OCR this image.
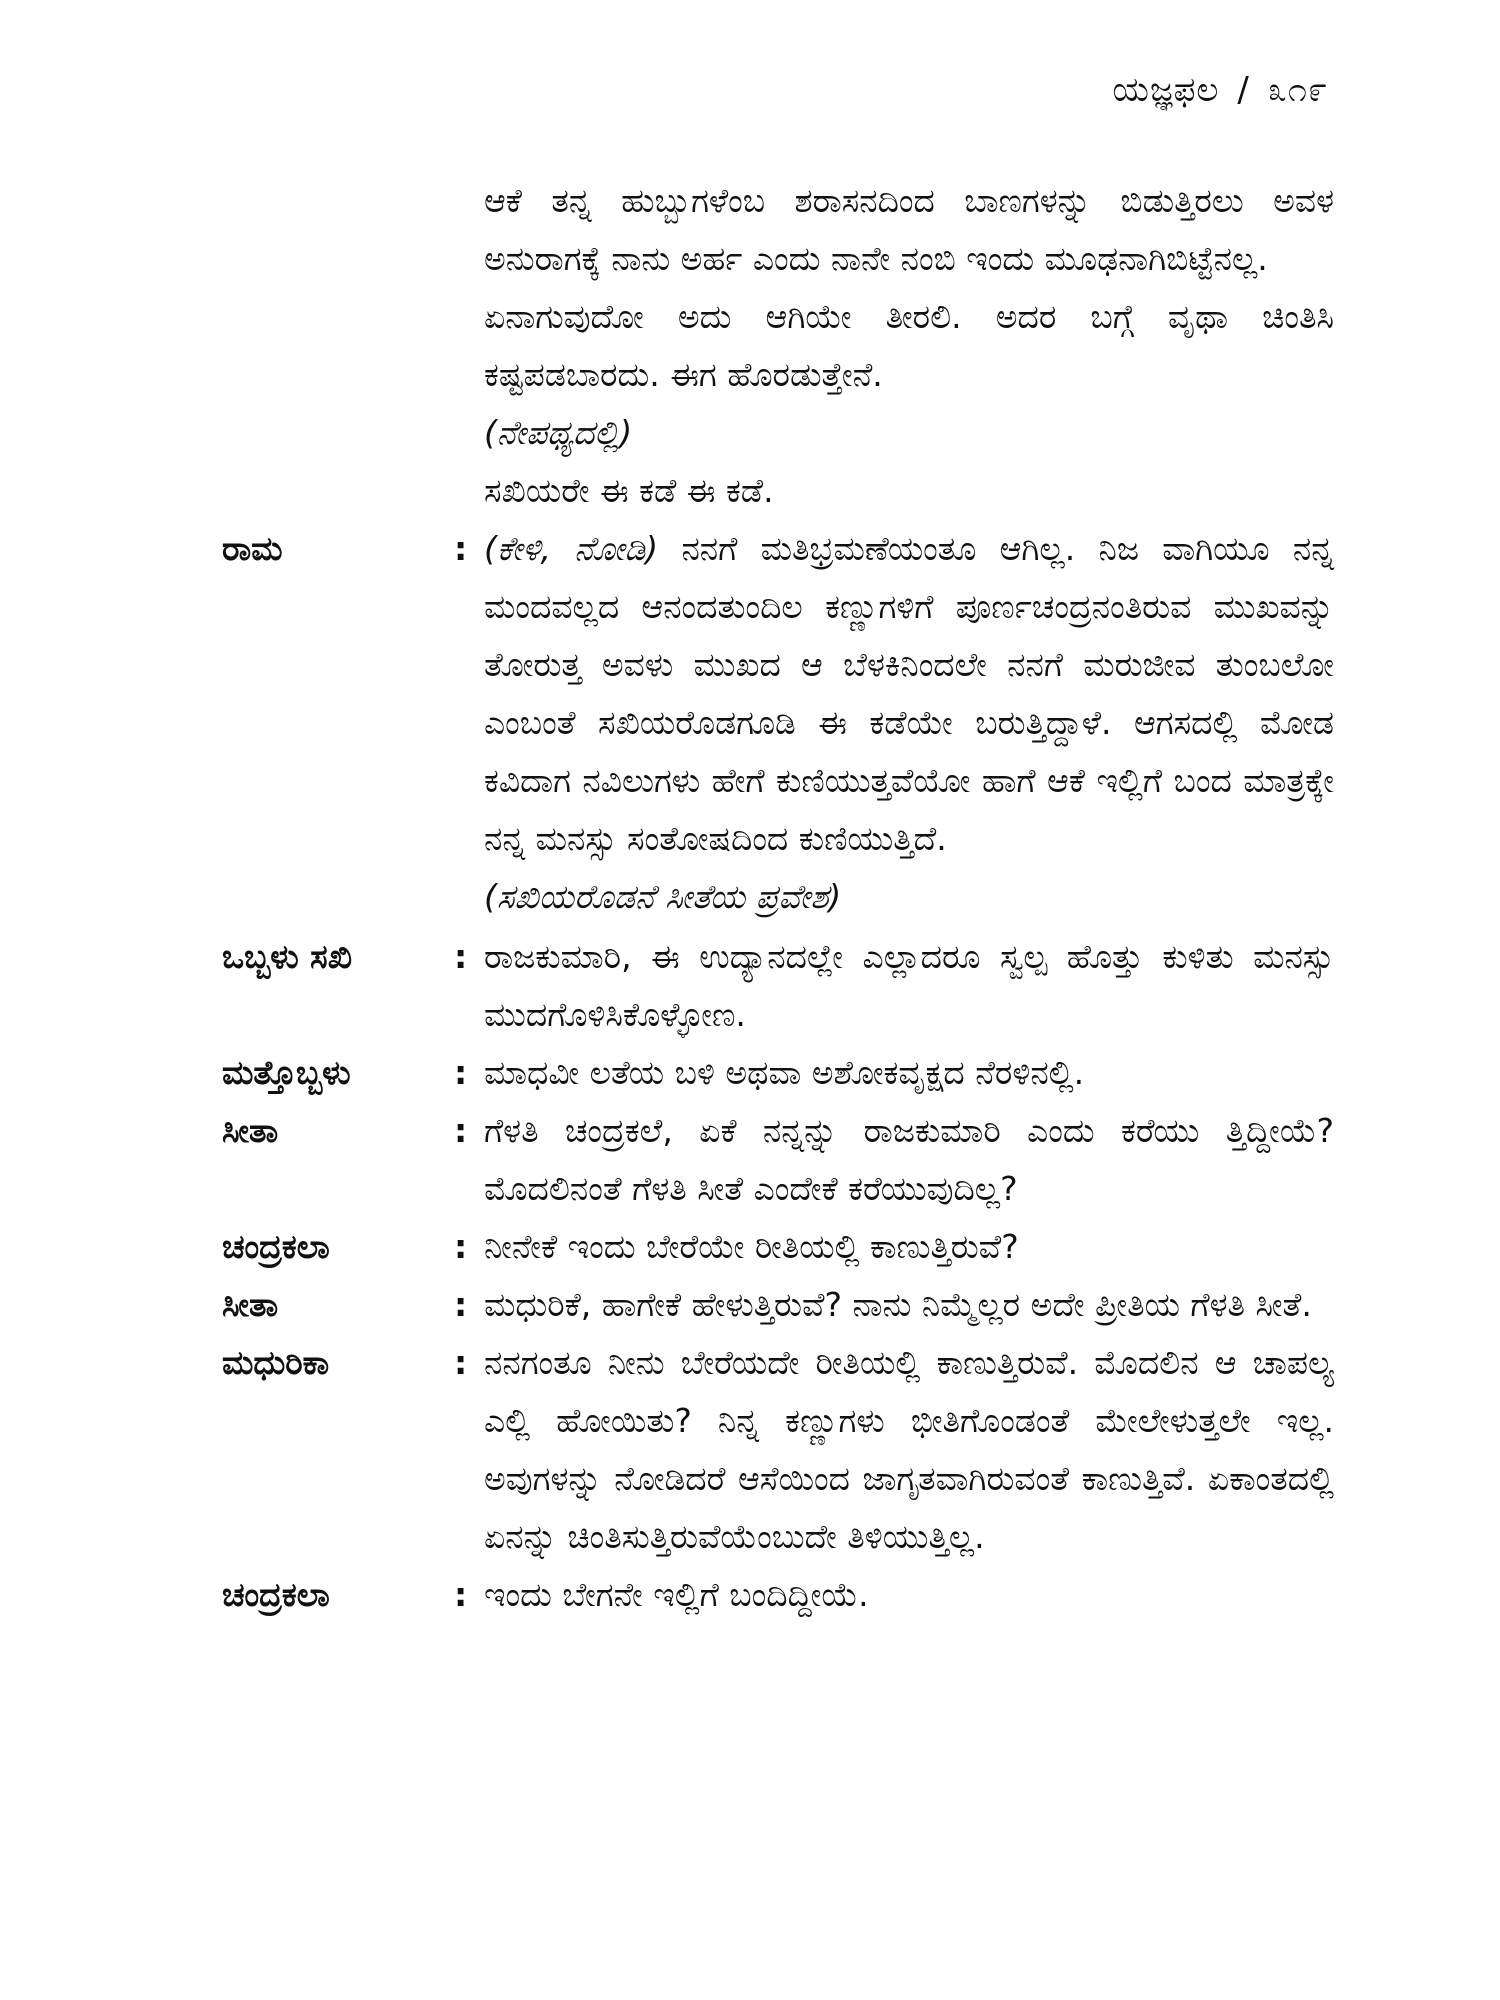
ಯಜ್ಞಫಲ / ೩೧೯
ಆಕೆ ತನ್ನ ಹುಬ್ಬುಗಳೆಂಬ ಶರಾಸನದಿಂದ ಬಾಣಗಳನ್ನು ಬಿಡುತ್ತಿರಲು ಅವಳ ಅನುರಾಗಕ್ಕೆ ನಾನು ಅರ್ಹ ಎಂದು ನಾನೇ ನಂಬಿ ಇಂದು ಮೂಢನಾಗಿಬಿಟ್ಟೆನಲ್ಲ.
ಏನಾಗುವುದೋ ಅದು ಆಗಿಯೇ ತೀರಲಿ. ಅದರ ಬಗ್ಗೆ ವೃಥಾ ಚಿಂತಿಸಿ ಕಷ್ಟಪಡಬಾರದು. ಈಗ ಹೊರಡುತ್ತೇನೆ.
(ನೇಪಥ್ಯದಲ್ಲಿ)
ಸಖಿಯರೇ ಈ ಕಡೆ ಈ ಕಡೆ.
ರಾಮ	: (ಕೇಳಿ, ನೋಡಿ) ನನಗೆ ಮತಿಭ್ರಮಣೆಯಂತೂ ಆಗಿಲ್ಲ. ನಿಜ ವಾಗಿಯೂ ನನ್ನ ಮಂದವಲ್ಲದ ಆನಂದತುಂದಿಲ ಕಣ್ಣುಗಳಿಗೆ ಪೂರ್ಣಚಂದ್ರನಂತಿರುವ ಮುಖವನ್ನು ತೋರುತ್ತ ಅವಳು ಮುಖದ ಆ ಬೆಳಕಿನಿಂದಲೇ ನನಗೆ ಮರುಜೀವ ತುಂಬಲೋ ಎಂಬಂತೆ ಸಖಿಯರೊಡಗೂಡಿ ಈ ಕಡೆಯೇ ಬರುತ್ತಿದ್ದಾಳೆ. ಆಗಸದಲ್ಲಿ ಮೋಡ ಕವಿದಾಗ ನವಿಲುಗಳು ಹೇಗೆ ಕುಣಿಯುತ್ತವೆಯೋ ಹಾಗೆ ಆಕೆ ಇಲ್ಲಿಗೆ ಬಂದ ಮಾತ್ರಕ್ಕೇ ನನ್ನ ಮನಸ್ಸು ಸಂತೋಷದಿಂದ ಕುಣಿಯುತ್ತಿದೆ.
(ಸಖಿಯರೊಡನೆ ಸೀತೆಯ ಪ್ರವೇಶ)
ಒಬ್ಬಳು ಸಖಿ	: ರಾಜಕುಮಾರಿ, ಈ ಉದ್ಯಾನದಲ್ಲೇ ಎಲ್ಲಾದರೂ ಸ್ವಲ್ಪ ಹೊತ್ತು ಕುಳಿತು ಮನಸ್ಸು ಮುದಗೊಳಿಸಿಕೊಳ್ಳೋಣ.
ಮತ್ತೊಬ್ಬಳು	: ಮಾಧವೀ ಲತೆಯ ಬಳಿ ಅಥವಾ ಅಶೋಕವೃಕ್ಷದ ನೆರಳಿನಲ್ಲಿ.
ಸೀತಾ	: ಗೆಳತಿ ಚಂದ್ರಕಲೆ, ಏಕೆ ನನ್ನನ್ನು ರಾಜಕುಮಾರಿ ಎಂದು ಕರೆಯು ತ್ತಿದ್ದೀಯೆ? ಮೊದಲಿನಂತೆ ಗೆಳತಿ ಸೀತೆ ಎಂದೇಕೆ ಕರೆಯುವುದಿಲ್ಲ?
ಚಂದ್ರಕಲಾ	: ನೀನೇಕೆ ಇಂದು ಬೇರೆಯೇ ರೀತಿಯಲ್ಲಿ ಕಾಣುತ್ತಿರುವೆ?
ಸೀತಾ	: ಮಧುರಿಕೆ, ಹಾಗೇಕೆ ಹೇಳುತ್ತಿರುವೆ? ನಾನು ನಿಮ್ಮೆಲ್ಲರ ಅದೇ ಪ್ರೀತಿಯ ಗೆಳತಿ ಸೀತೆ.
ಮಧುರಿಕಾ	: ನನಗಂತೂ ನೀನು ಬೇರೆಯದೇ ರೀತಿಯಲ್ಲಿ ಕಾಣುತ್ತಿರುವೆ. ಮೊದಲಿನ ಆ ಚಾಪಲ್ಯ ಎಲ್ಲಿ ಹೋಯಿತು? ನಿನ್ನ ಕಣ್ಣುಗಳು ಭೀತಿಗೊಂಡಂತೆ ಮೇಲೇಳುತ್ತಲೇ ಇಲ್ಲ. ಅವುಗಳನ್ನು ನೋಡಿದರೆ ಆಸೆಯಿಂದ ಜಾಗೃತವಾಗಿರುವಂತೆ ಕಾಣುತ್ತಿವೆ. ಏಕಾಂತದಲ್ಲಿ ಏನನ್ನು ಚಿಂತಿಸುತ್ತಿರುವೆಯೆಂಬುದೇ ತಿಳಿಯುತ್ತಿಲ್ಲ.
ಚಂದ್ರಕಲಾ	: ಇಂದು ಬೇಗನೇ ಇಲ್ಲಿಗೆ ಬಂದಿದ್ದೀಯೆ.
